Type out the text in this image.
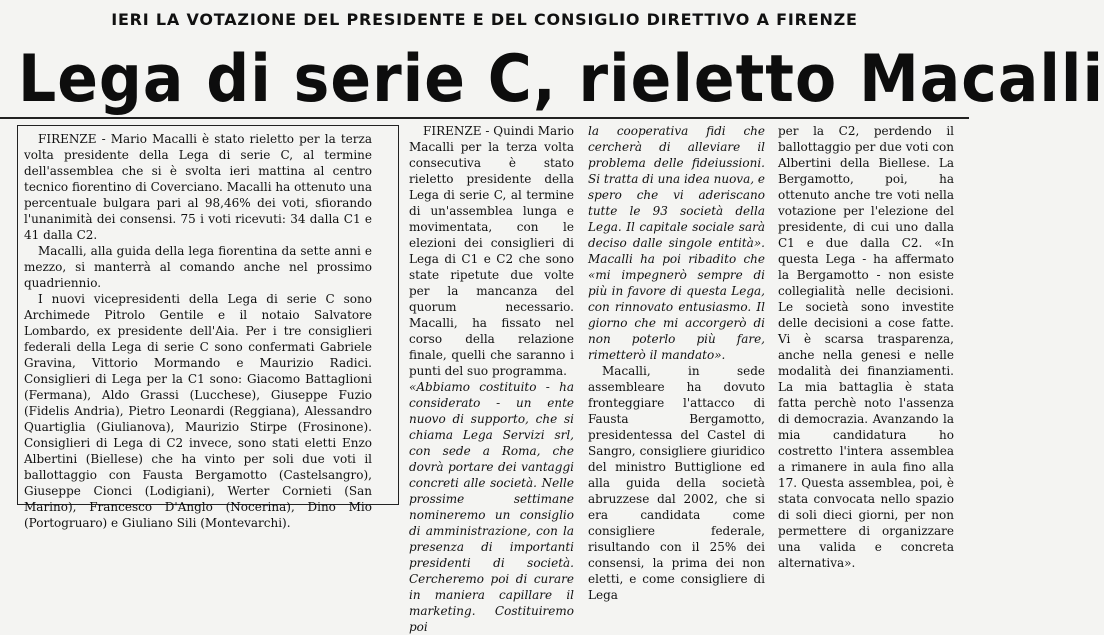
IERI LA VOTAZIONE DEL PRESIDENTE E DEL CONSIGLIO DIRETTIVO A FIRENZE
Lega di serie C, rieletto Macalli

FIRENZE - Mario Macalli è stato rieletto per la terza volta presidente della Lega di serie C, al termine dell'assemblea che si è svolta ieri mattina al centro tecnico fiorentino di Coverciano. Macalli ha ottenuto una percentuale bulgara pari al 98,46% dei voti, sfiorando l'unanimità dei consensi. 75 i voti ricevuti: 34 dalla C1 e 41 dalla C2.

Macalli, alla guida della lega fiorentina da sette anni e mezzo, si manterrà al comando anche nel prossimo quadriennio.

I nuovi vicepresidenti della Lega di serie C sono Archimede Pitrolo Gentile e il notaio Salvatore Lombardo, ex presidente dell'Aia. Per i tre consiglieri federali della Lega di serie C sono confermati Gabriele Gravina, Vittorio Mormando e Maurizio Radici. Consiglieri di Lega per la C1 sono: Giacomo Battaglioni (Fermana), Aldo Grassi (Lucchese), Giuseppe Fuzio (Fidelis Andria), Pietro Leonardi (Reggiana), Alessandro Quartiglia (Giulianova), Maurizio Stirpe (Frosinone). Consiglieri di Lega di C2 invece, sono stati eletti Enzo Albertini (Biellese) che ha vinto per soli due voti il ballottaggio con Fausta Bergamotto (Castelsangro), Giuseppe Cionci (Lodigiani), Werter Cornieti (San Marino), Francesco D'Anglo (Nocerina), Dino Mio (Portogruaro) e Giuliano Sili (Montevarchi).

FIRENZE - Quindi Mario Macalli per la terza volta consecutiva è stato rieletto presidente della Lega di serie C, al termine di un'assemblea lunga e movimentata, con le elezioni dei consiglieri di Lega di C1 e C2 che sono state ripetute due volte per la mancanza del quorum necessario. Macalli, ha fissato nel corso della relazione finale, quelli che saranno i punti del suo programma.

«Abbiamo costituito - ha considerato - un ente nuovo di supporto, che si chiama Lega Servizi srl, con sede a Roma, che dovrà portare dei vantaggi concreti alle società. Nelle prossime settimane nomineremo un consiglio di amministrazione, con la presenza di importanti presidenti di società. Cercheremo poi di curare in maniera capillare il marketing. Costituiremo poi

la cooperativa fidi che cercherà di alleviare il problema delle fideiussioni. Si tratta di una idea nuova, e spero che vi aderiscano tutte le 93 società della Lega. Il capitale sociale sarà deciso dalle singole entità». Macalli ha poi ribadito che «mi impegnerò sempre di più in favore di questa Lega, con rinnovato entusiasmo. Il giorno che mi accorgerò di non poterlo più fare, rimetterò il mandato».

Macalli, in sede assembleare ha dovuto fronteggiare l'attacco di Fausta Bergamotto, presidentessa del Castel di Sangro, consigliere giuridico del ministro Buttiglione ed alla guida della società abruzzese dal 2002, che si era candidata come consigliere federale, risultando con il 25% dei consensi, la prima dei non eletti, e come consigliere di Lega

per la C2, perdendo il ballottaggio per due voti con Albertini della Biellese. La Bergamotto, poi, ha ottenuto anche tre voti nella votazione per l'elezione del presidente, di cui uno dalla C1 e due dalla C2. «In questa Lega - ha affermato la Bergamotto - non esiste collegialità nelle decisioni. Le società sono investite delle decisioni a cose fatte. Vi è scarsa trasparenza, anche nella genesi e nelle modalità dei finanziamenti. La mia battaglia è stata fatta perchè noto l'assenza di democrazia. Avanzando la mia candidatura ho costretto l'intera assemblea a rimanere in aula fino alla 17. Questa assemblea, poi, è stata convocata nello spazio di soli dieci giorni, per non permettere di organizzare una valida e concreta alternativa».
